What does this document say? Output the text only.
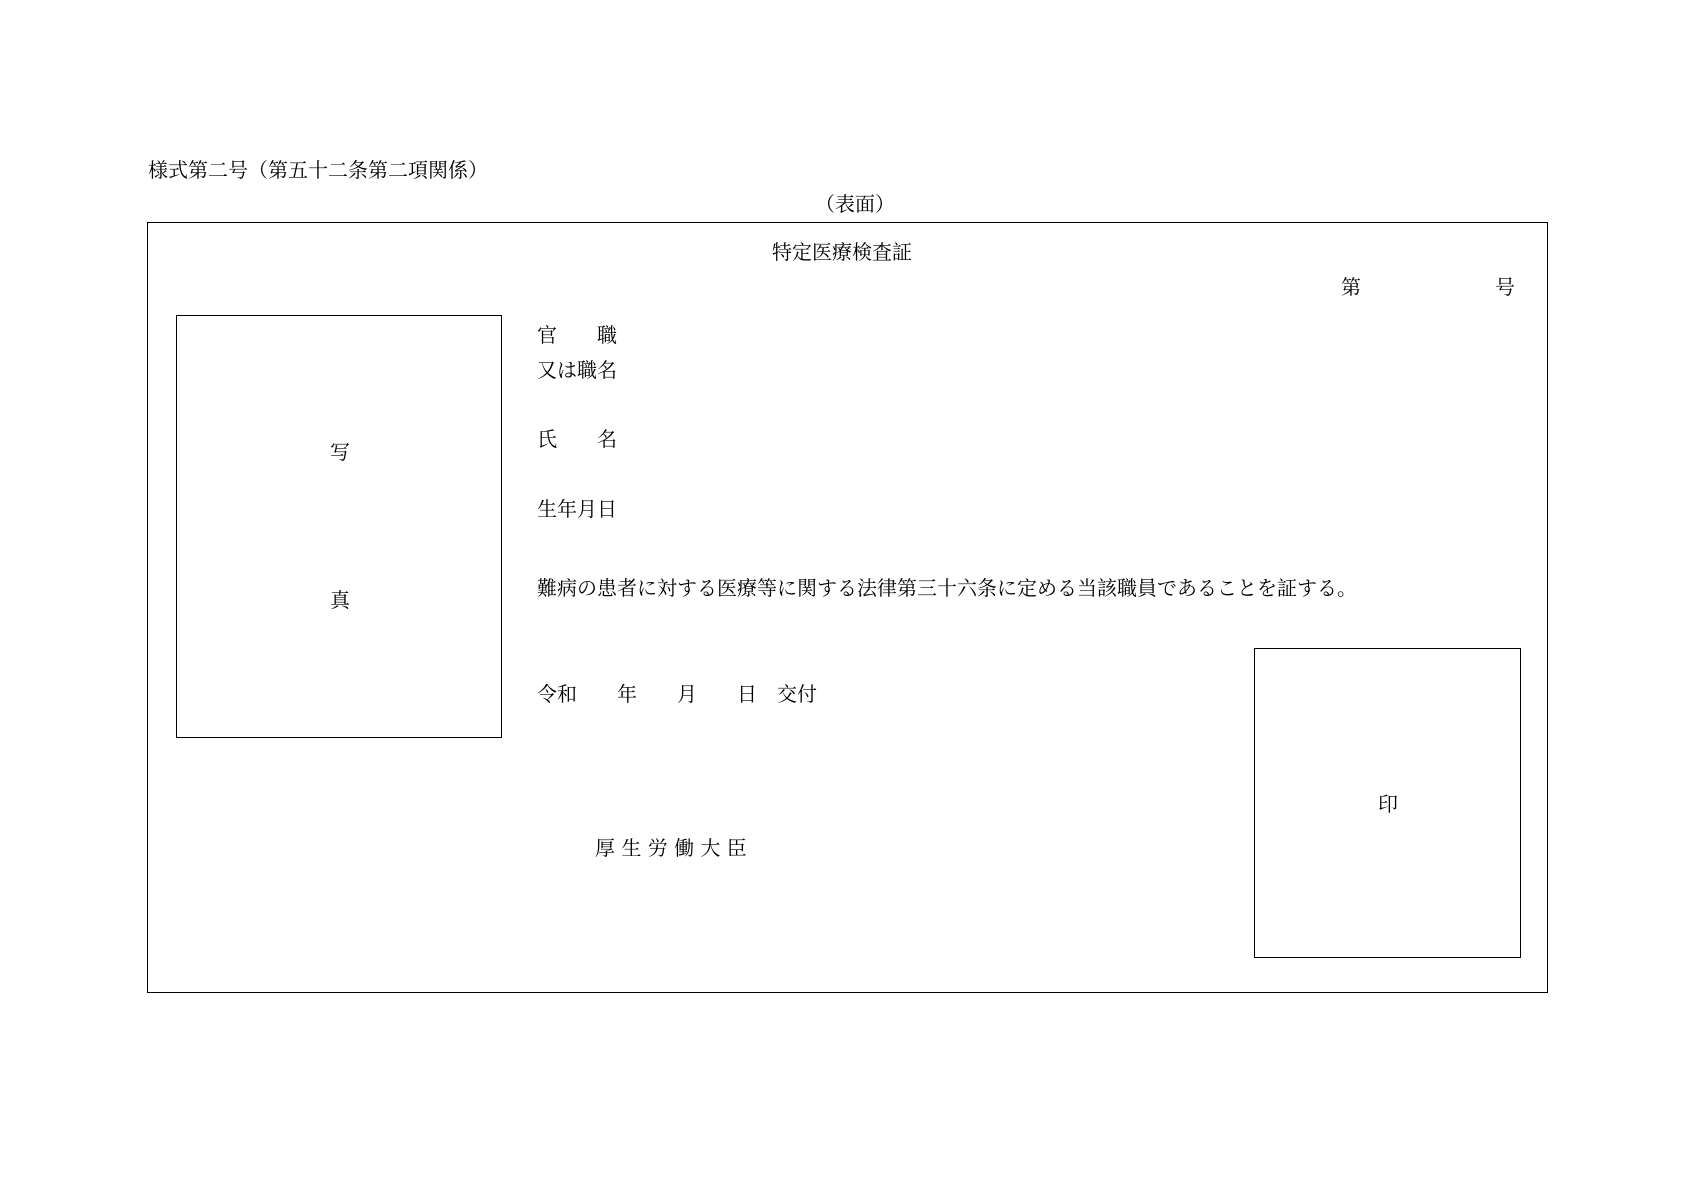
様式第二号（第五十二条第二項関係）
（表面）
特定医療検査証
第	号
写
真
官　　職
又は職名
氏　　名
生年月日
難病の患者に対する医療等に関する法律第三十六条に定める当該職員であることを証する。
令和　　年　　月　　日　交付
厚 生 労 働 大 臣
印
